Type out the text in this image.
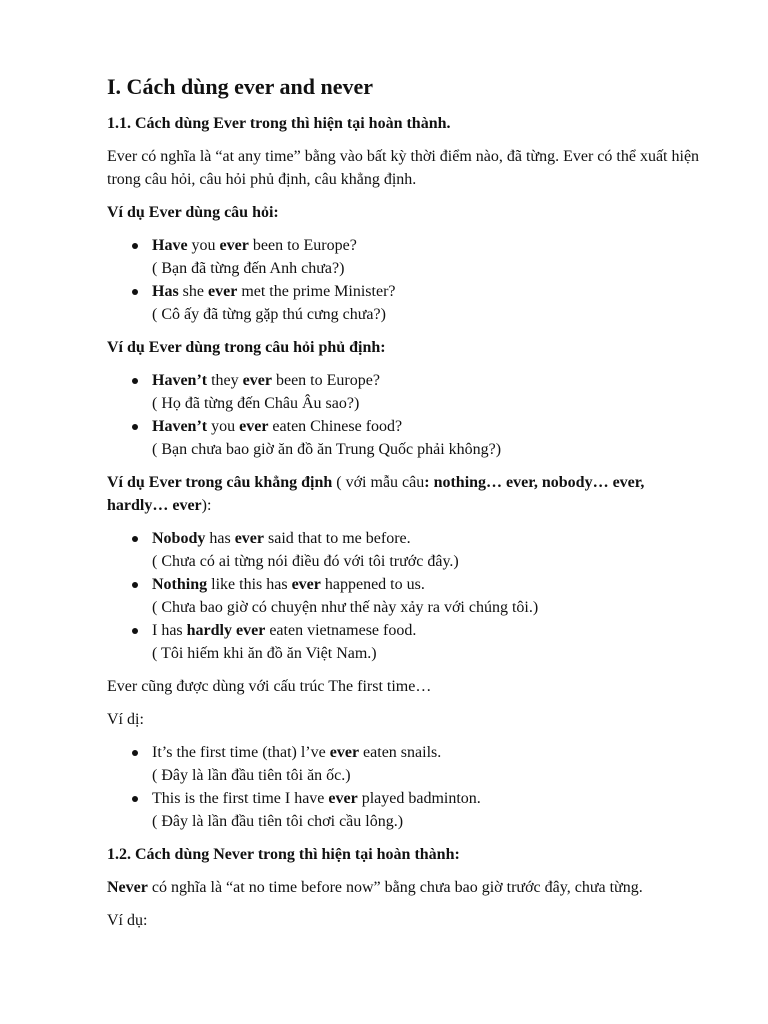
I. Cách dùng ever and never
1.1. Cách dùng Ever trong thì hiện tại hoàn thành.
Ever có nghĩa là “at any time” bằng vào bất kỳ thời điểm nào, đã từng. Ever có thể xuất hiện trong câu hỏi, câu hỏi phủ định, câu khẳng định.
Ví dụ Ever dùng câu hỏi:
Have you ever been to Europe?
( Bạn đã từng đến Anh chưa?)
Has she ever met the prime Minister?
( Cô ấy đã từng gặp thú cưng chưa?)
Ví dụ Ever dùng trong câu hỏi phủ định:
Haven’t they ever been to Europe?
( Họ đã từng đến Châu Âu sao?)
Haven’t you ever eaten Chinese food?
( Bạn chưa bao giờ ăn đồ ăn Trung Quốc phải không?)
Ví dụ Ever trong câu khẳng định ( với mẫu câu: nothing… ever, nobody… ever, hardly… ever):
Nobody has ever said that to me before.
( Chưa có ai từng nói điều đó với tôi trước đây.)
Nothing like this has ever happened to us.
( Chưa bao giờ có chuyện như thế này xảy ra với chúng tôi.)
I has hardly ever eaten vietnamese food.
( Tôi hiếm khi ăn đồ ăn Việt Nam.)
Ever cũng được dùng với cấu trúc The first time…
Ví dị:
It’s the first time (that) l’ve ever eaten snails.
( Đây là lần đầu tiên tôi ăn ốc.)
This is the first time I have ever played badminton.
( Đây là lần đầu tiên tôi chơi cầu lông.)
1.2. Cách dùng Never trong thì hiện tại hoàn thành:
Never có nghĩa là “at no time before now” bằng chưa bao giờ trước đây, chưa từng.
Ví dụ:
